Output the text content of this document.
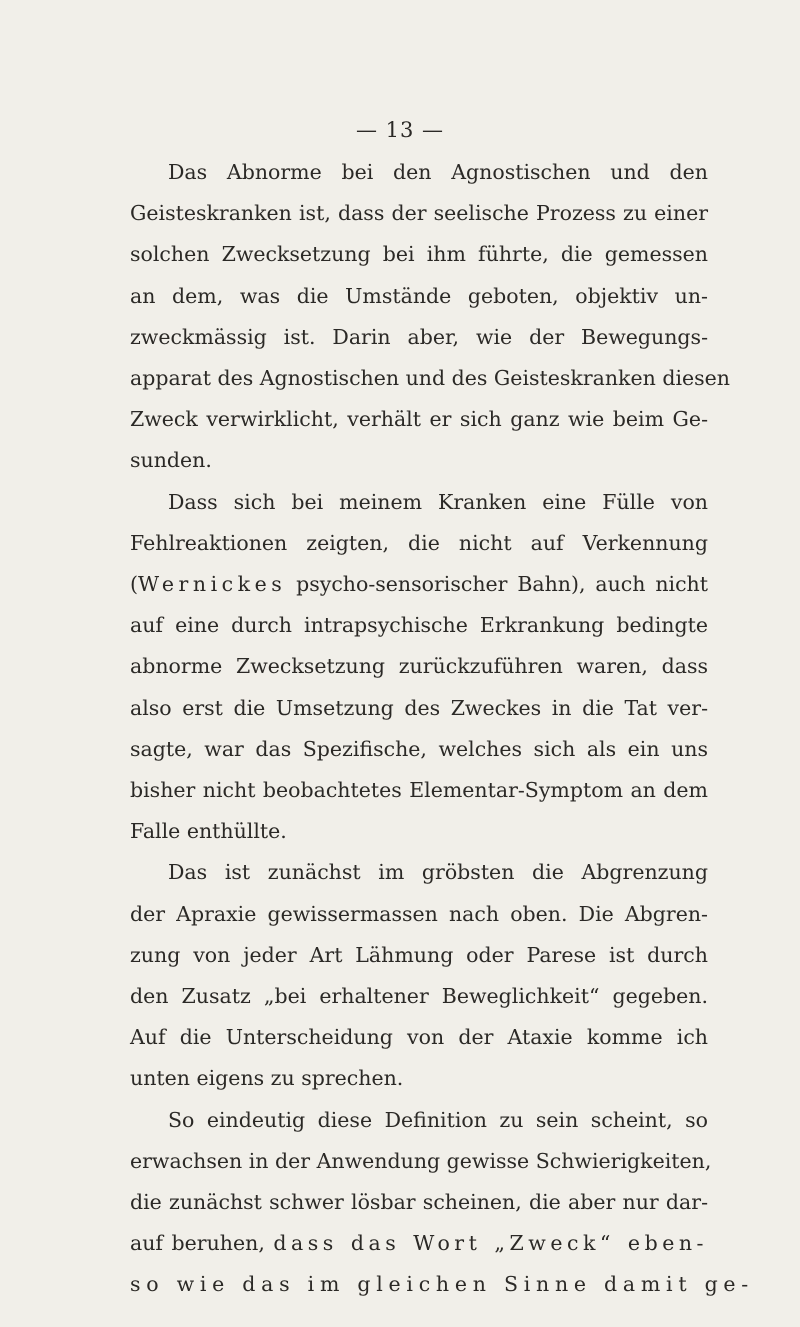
— 13 —
Das Abnorme bei den Agnostischen und den
Geisteskranken ist, dass der seelische Prozess zu einer
solchen Zwecksetzung bei ihm führte, die gemessen
an dem, was die Umstände geboten, objektiv un-
zweckmässig ist. Darin aber, wie der Bewegungs-
apparat des Agnostischen und des Geisteskranken diesen
Zweck verwirklicht, verhält er sich ganz wie beim Ge-
sunden.
Dass sich bei meinem Kranken eine Fülle von
Fehlreaktionen zeigten, die nicht auf Verkennung
(Wernickes psycho-sensorischer Bahn), auch nicht
auf eine durch intrapsychische Erkrankung bedingte
abnorme Zwecksetzung zurückzuführen waren, dass
also erst die Umsetzung des Zweckes in die Tat ver-
sagte, war das Spezifische, welches sich als ein uns
bisher nicht beobachtetes Elementar-Symptom an dem
Falle enthüllte.
Das ist zunächst im gröbsten die Abgrenzung
der Apraxie gewissermassen nach oben. Die Abgren-
zung von jeder Art Lähmung oder Parese ist durch
den Zusatz „bei erhaltener Beweglichkeit“ gegeben.
Auf die Unterscheidung von der Ataxie komme ich
unten eigens zu sprechen.
So eindeutig diese Definition zu sein scheint, so
erwachsen in der Anwendung gewisse Schwierigkeiten,
die zunächst schwer lösbar scheinen, die aber nur dar-
auf beruhen, dass das Wort „Zweck“ eben-
so wie das im gleichen Sinne damit ge-
